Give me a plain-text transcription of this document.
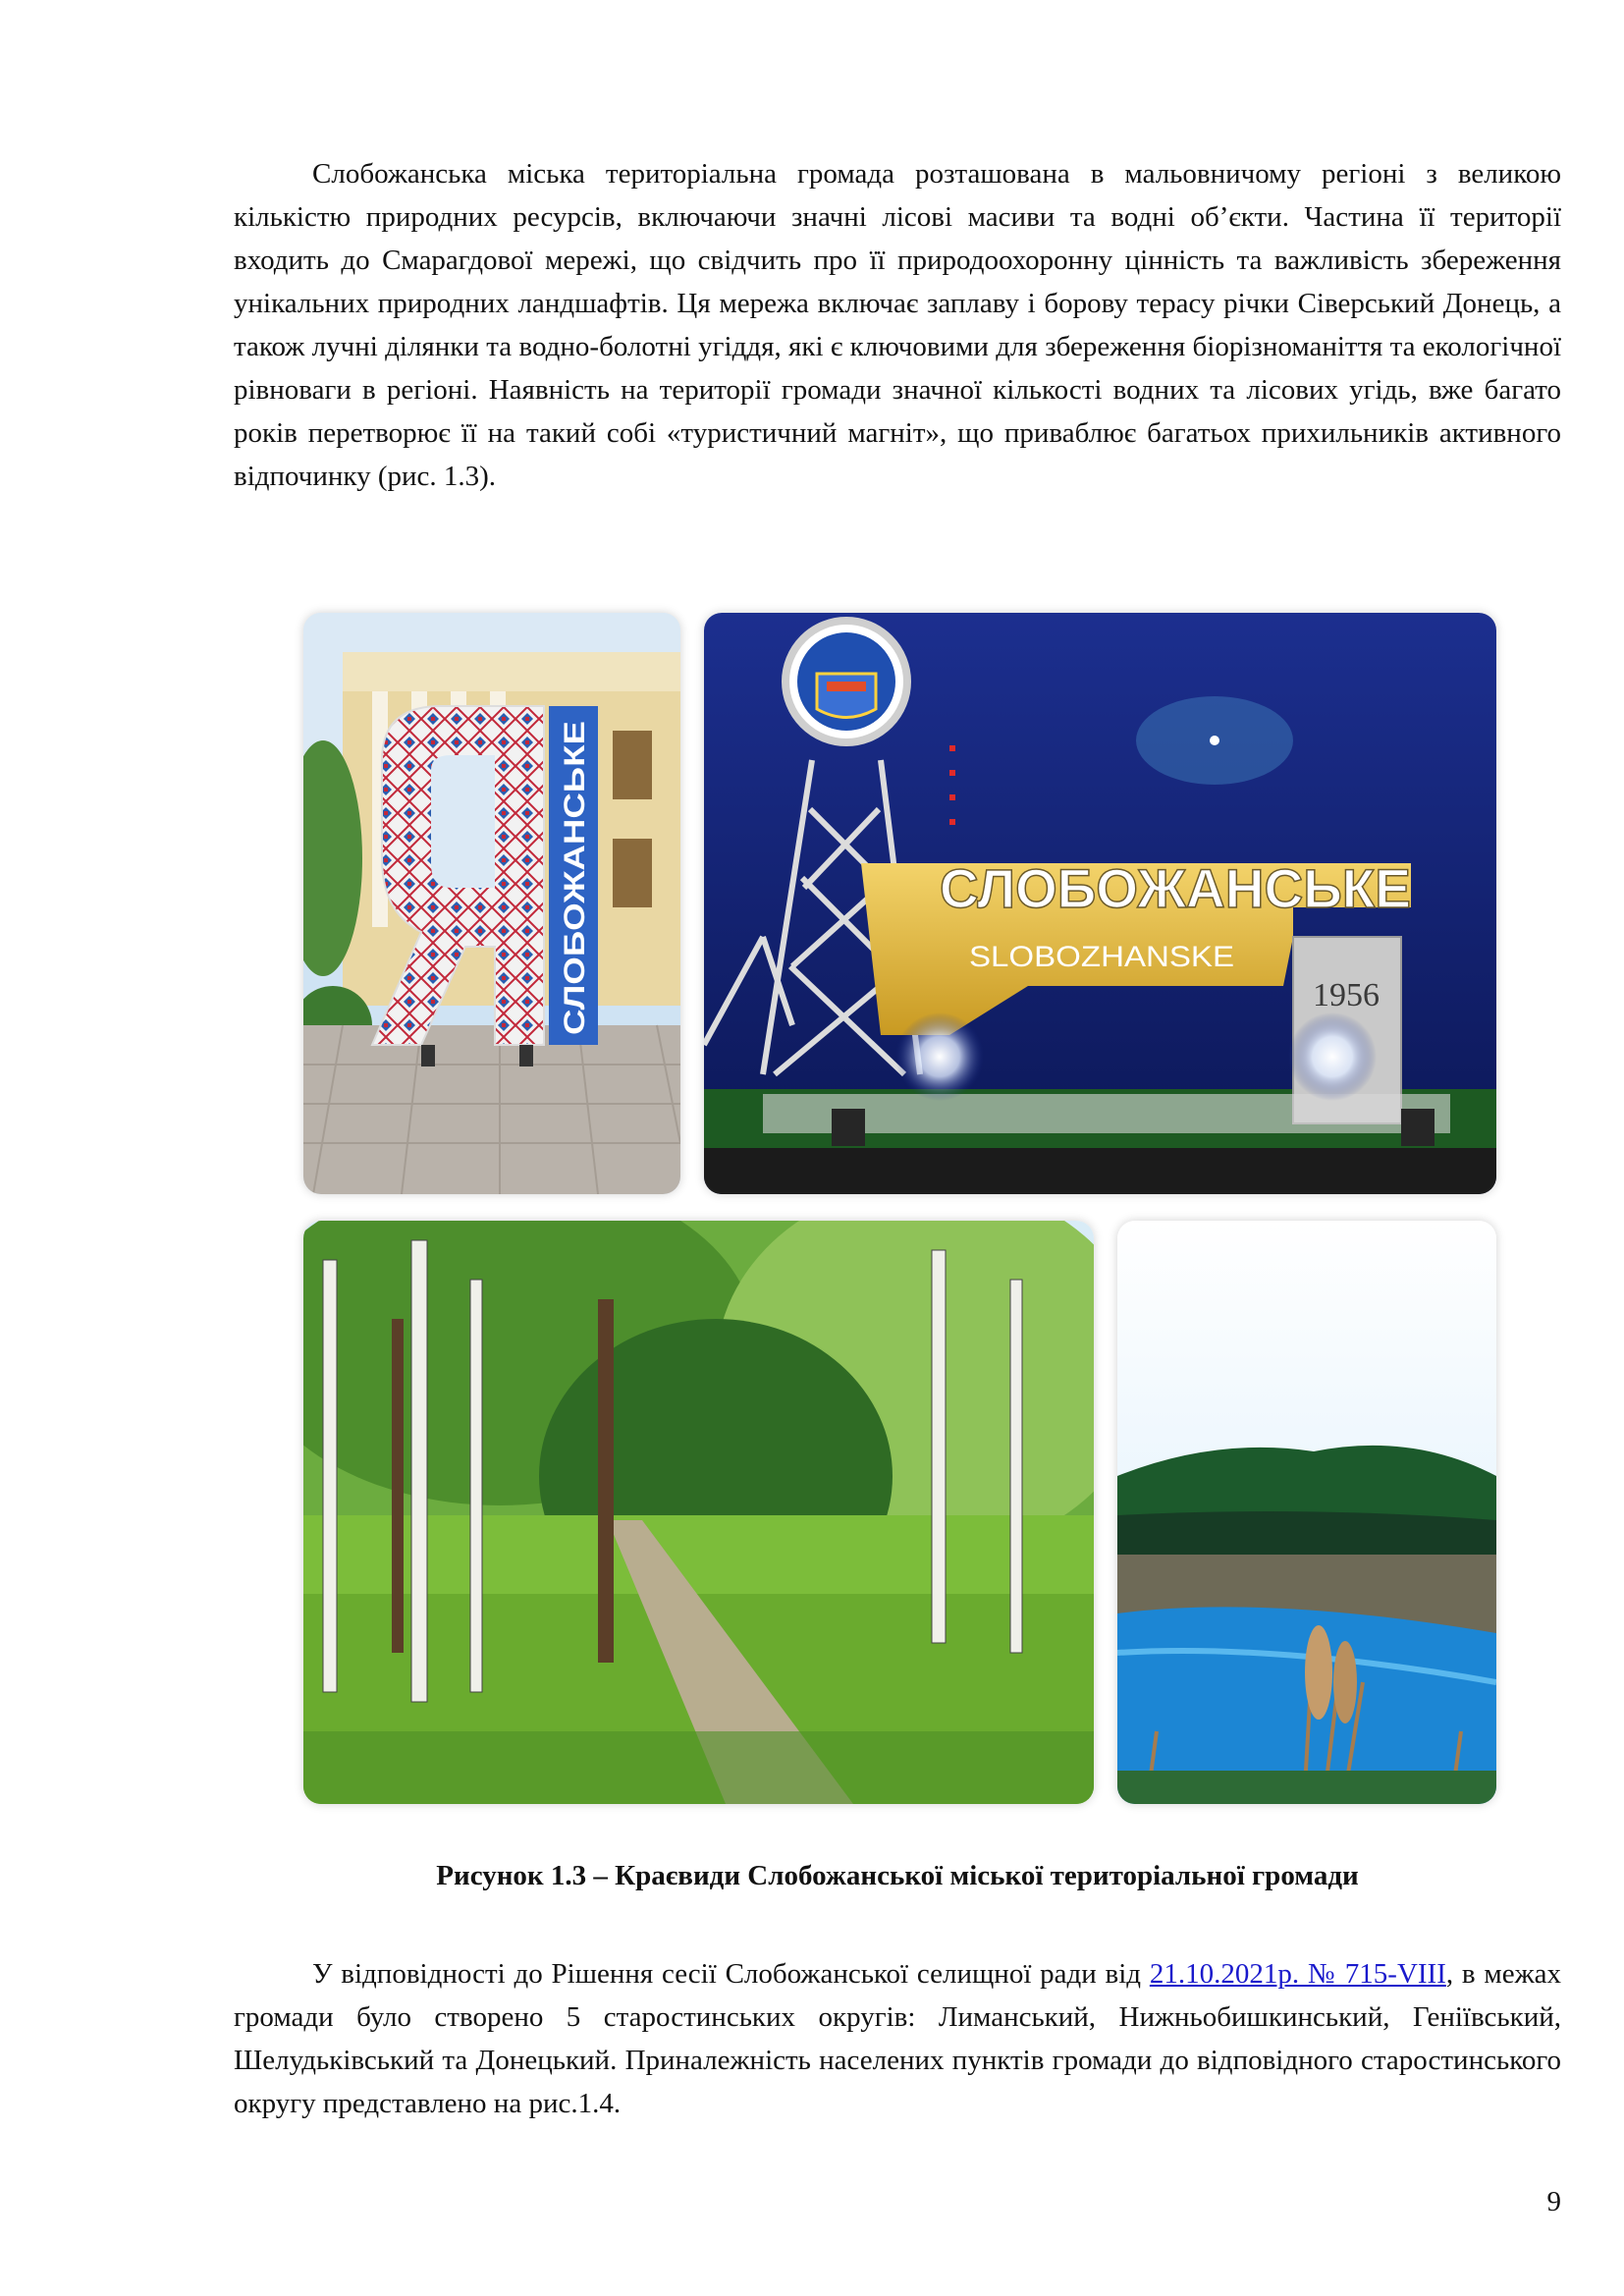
Слобожанська міська територіальна громада розташована в мальовничому регіоні з великою кількістю природних ресурсів, включаючи значні лісові масиви та водні об’єкти. Частина її території входить до Смарагдової мережі, що свідчить про її природоохоронну цінність та важливість збереження унікальних природних ландшафтів. Ця мережа включає заплаву і борову терасу річки Сіверський Донець, а також лучні ділянки та водно-болотні угіддя, які є ключовими для збереження біорізноманіття та екологічної рівноваги в регіоні. Наявність на території громади значної кількості водних та лісових угідь, вже багато років перетворює її на такий собі «туристичний магніт», що приваблює багатьох прихильників активного відпочинку (рис. 1.3).

СЛОБОЖАНСЬКЕ	СЛОБОЖАНСЬКЕ
SLOBOZHANSKE
1956

Рисунок 1.3 – Краєвиди Слобожанської міської територіальної громади

У відповідності до Рішення сесії Слобожанської селищної ради від 21.10.2021р. № 715-VIII, в межах громади було створено 5 старостинських округів: Лиманський, Нижньобишкинський, Геніївський, Шелудьківський та Донецький. Приналежність населених пунктів громади до відповідного старостинського округу представлено на рис.1.4.

9
